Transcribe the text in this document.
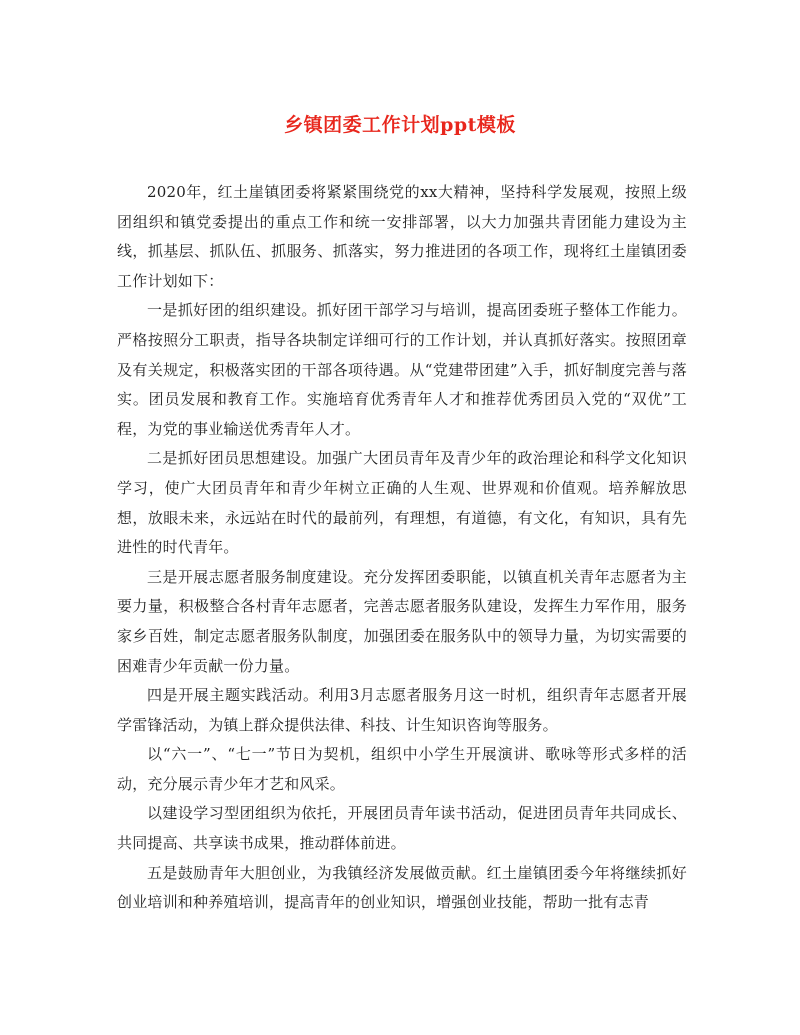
乡镇团委工作计划ppt模板

2020年，红土崖镇团委将紧紧围绕党的xx大精神，坚持科学发展观，按照上级团组织和镇党委提出的重点工作和统一安排部署，以大力加强共青团能力建设为主线，抓基层、抓队伍、抓服务、抓落实，努力推进团的各项工作，现将红土崖镇团委工作计划如下：

一是抓好团的组织建设。抓好团干部学习与培训，提高团委班子整体工作能力。严格按照分工职责，指导各块制定详细可行的工作计划，并认真抓好落实。按照团章及有关规定，积极落实团的干部各项待遇。从“党建带团建”入手，抓好制度完善与落实。团员发展和教育工作。实施培育优秀青年人才和推荐优秀团员入党的“双优”工程，为党的事业输送优秀青年人才。

二是抓好团员思想建设。加强广大团员青年及青少年的政治理论和科学文化知识学习，使广大团员青年和青少年树立正确的人生观、世界观和价值观。培养解放思想，放眼未来，永远站在时代的最前列，有理想，有道德，有文化，有知识，具有先进性的时代青年。

三是开展志愿者服务制度建设。充分发挥团委职能，以镇直机关青年志愿者为主要力量，积极整合各村青年志愿者，完善志愿者服务队建设，发挥生力军作用，服务家乡百姓，制定志愿者服务队制度，加强团委在服务队中的领导力量，为切实需要的困难青少年贡献一份力量。

四是开展主题实践活动。利用3月志愿者服务月这一时机，组织青年志愿者开展学雷锋活动，为镇上群众提供法律、科技、计生知识咨询等服务。

以“六一”、“七一”节日为契机，组织中小学生开展演讲、歌咏等形式多样的活动，充分展示青少年才艺和风采。

以建设学习型团组织为依托，开展团员青年读书活动，促进团员青年共同成长、共同提高、共享读书成果，推动群体前进。

五是鼓励青年大胆创业，为我镇经济发展做贡献。红土崖镇团委今年将继续抓好创业培训和种养殖培训，提高青年的创业知识，增强创业技能，帮助一批有志青
